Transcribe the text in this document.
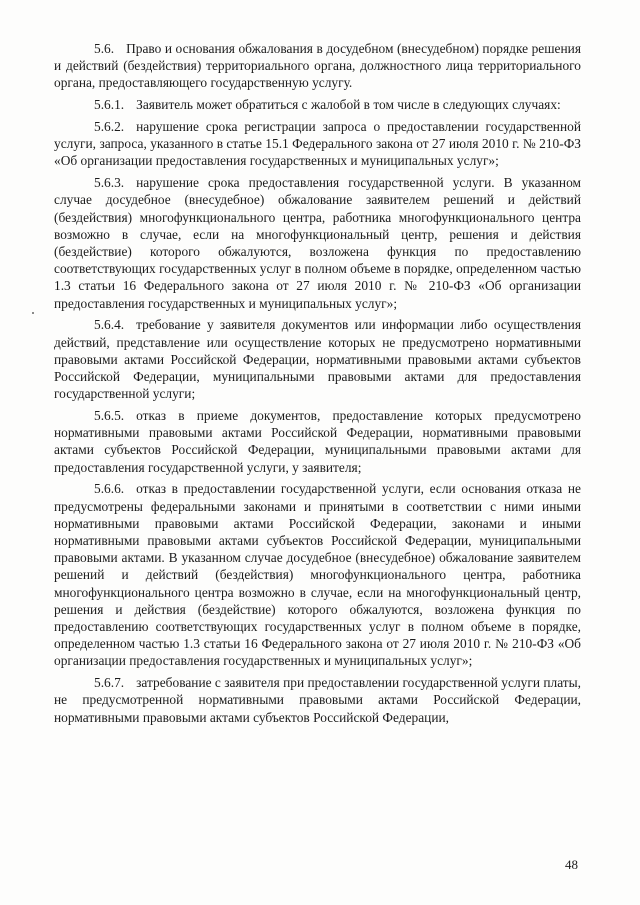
5.6. Право и основания обжалования в досудебном (внесудебном) порядке решения и действий (бездействия) территориального органа, должностного лица территориального органа, предоставляющего государственную услугу.

5.6.1. Заявитель может обратиться с жалобой в том числе в следующих случаях:

5.6.2. нарушение срока регистрации запроса о предоставлении государственной услуги, запроса, указанного в статье 15.1 Федерального закона от 27 июля 2010 г. № 210-ФЗ «Об организации предоставления государственных и муниципальных услуг»;

5.6.3. нарушение срока предоставления государственной услуги. В указанном случае досудебное (внесудебное) обжалование заявителем решений и действий (бездействия) многофункционального центра, работника многофункционального центра возможно в случае, если на многофункциональный центр, решения и действия (бездействие) которого обжалуются, возложена функция по предоставлению соответствующих государственных услуг в полном объеме в порядке, определенном частью 1.3 статьи 16 Федерального закона от 27 июля 2010 г. № 210-ФЗ «Об организации предоставления государственных и муниципальных услуг»;

5.6.4. требование у заявителя документов или информации либо осуществления действий, представление или осуществление которых не предусмотрено нормативными правовыми актами Российской Федерации, нормативными правовыми актами субъектов Российской Федерации, муниципальными правовыми актами для предоставления государственной услуги;

5.6.5. отказ в приеме документов, предоставление которых предусмотрено нормативными правовыми актами Российской Федерации, нормативными правовыми актами субъектов Российской Федерации, муниципальными правовыми актами для предоставления государственной услуги, у заявителя;

5.6.6. отказ в предоставлении государственной услуги, если основания отказа не предусмотрены федеральными законами и принятыми в соответствии с ними иными нормативными правовыми актами Российской Федерации, законами и иными нормативными правовыми актами субъектов Российской Федерации, муниципальными правовыми актами. В указанном случае досудебное (внесудебное) обжалование заявителем решений и действий (бездействия) многофункционального центра, работника многофункционального центра возможно в случае, если на многофункциональный центр, решения и действия (бездействие) которого обжалуются, возложена функция по предоставлению соответствующих государственных услуг в полном объеме в порядке, определенном частью 1.3 статьи 16 Федерального закона от 27 июля 2010 г. № 210-ФЗ «Об организации предоставления государственных и муниципальных услуг»;

5.6.7. затребование с заявителя при предоставлении государственной услуги платы, не предусмотренной нормативными правовыми актами Российской Федерации, нормативными правовыми актами субъектов Российской Федерации,

48
